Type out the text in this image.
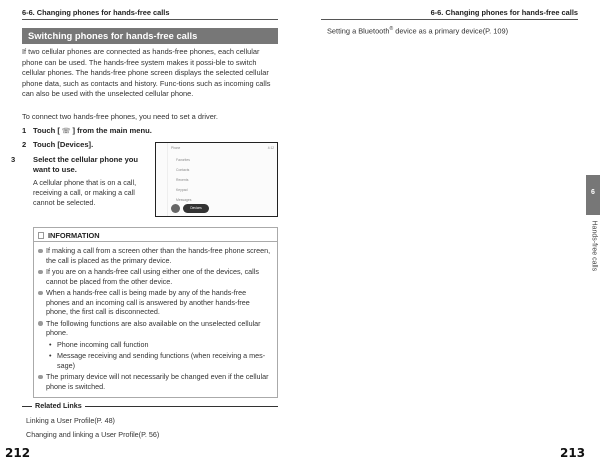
6-6. Changing phones for hands-free calls
Switching phones for hands-free calls
If two cellular phones are connected as hands-free phones, each cellular phone can be used. The hands-free system makes it possi-ble to switch cellular phones. The hands-free phone screen displays the selected cellular phone data, such as contacts and history. Func-tions such as incoming calls can also be used with the unselected cellular phone.
To connect two hands-free phones, you need to set a driver.
1 Touch [ ☏ ] from the main menu.
2 Touch [Devices].
3 Select the cellular phone you want to use.
A cellular phone that is on a call, receiving a call, or making a call cannot be selected.
Phone	4:12
Favorites
Contacts
Recents
Keypad
Messages
Devices
INFORMATION
If making a call from a screen other than the hands-free phone screen, the call is placed as the primary device.
If you are on a hands-free call using either one of the devices, calls cannot be placed from the other device.
When a hands-free call is being made by any of the hands-free phones and an incoming call is answered by another hands-free phone, the first call is disconnected.
The following functions are also available on the unselected cellular phone.
• Phone incoming call function
• Message receiving and sending functions (when receiving a mes-sage)
The primary device will not necessarily be changed even if the cellular phone is switched.
Related Links
Linking a User Profile(P. 48)
Changing and linking a User Profile(P. 56)
212
6-6. Changing phones for hands-free calls
Setting a Bluetooth® device as a primary device(P. 109)
6
Hands-free calls
213
